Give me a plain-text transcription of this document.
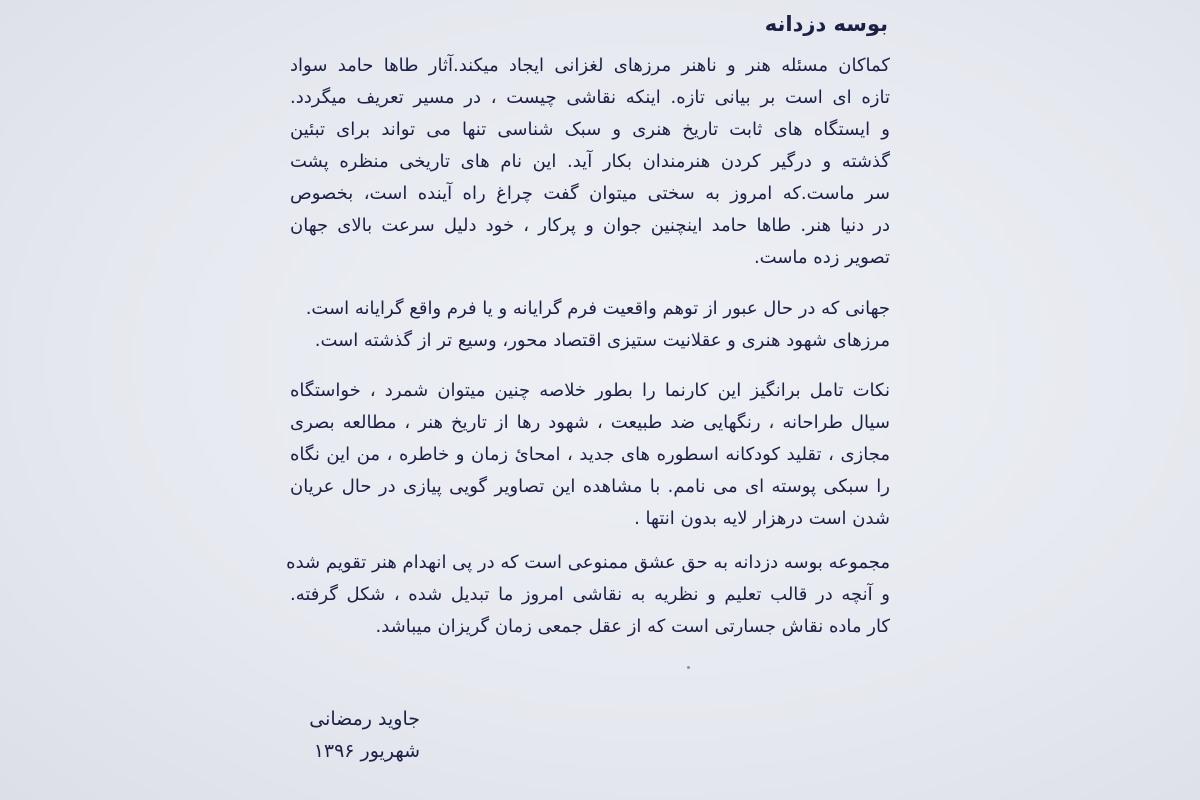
بوسه دزدانه
کماکان مسئله هنر و ناهنر مرزهای لغزانی ایجاد میکند.آثار طاها حامد سواد
تازه ای است بر بیانی تازه. اینکه نقاشی چیست ، در مسیر تعریف میگردد.
و ایستگاه های ثابت تاریخ هنری و سبک شناسی تنها می تواند برای تبئین
گذشته و درگیر کردن هنرمندان بکار آید. این نام های تاریخی منظره پشت
سر ماست.که امروز به سختی میتوان گفت چراغ راه آینده است، بخصوص
در دنیا هنر. طاها حامد اینچنین جوان و پرکار ، خود دلیل سرعت بالای جهان
تصویر زده ماست.
جهانی که در حال عبور از توهم واقعیت فرم گرایانه و یا فرم واقع گرایانه است.
مرزهای شهود هنری و عقلانیت ستیزی اقتصاد محور، وسیع تر از گذشته است.
نکات تامل برانگیز این کارنما را بطور خلاصه چنین میتوان شمرد ، خواستگاه
سیال طراحانه ، رنگهایی ضد طبیعت ، شهود رها از تاریخ هنر ، مطالعه بصری
مجازی ، تقلید کودکانه اسطوره های جدید ، امحائ زمان و خاطره ، من این نگاه
را سبکی پوسته ای می نامم. با مشاهده این تصاویر گویی پیازی در حال عریان
شدن است درهزار لایه بدون انتها .
مجموعه بوسه دزدانه به حق عشق ممنوعی است که در پی انهدام هنر تقویم شده
و آنچه در قالب تعلیم و نظریه به نقاشی امروز ما تبدیل شده ، شکل گرفته.
کار ماده نقاش جسارتی است که از عقل جمعی زمان گریزان میباشد.
جاوید رمضانی
شهریور ۱۳۹۶
